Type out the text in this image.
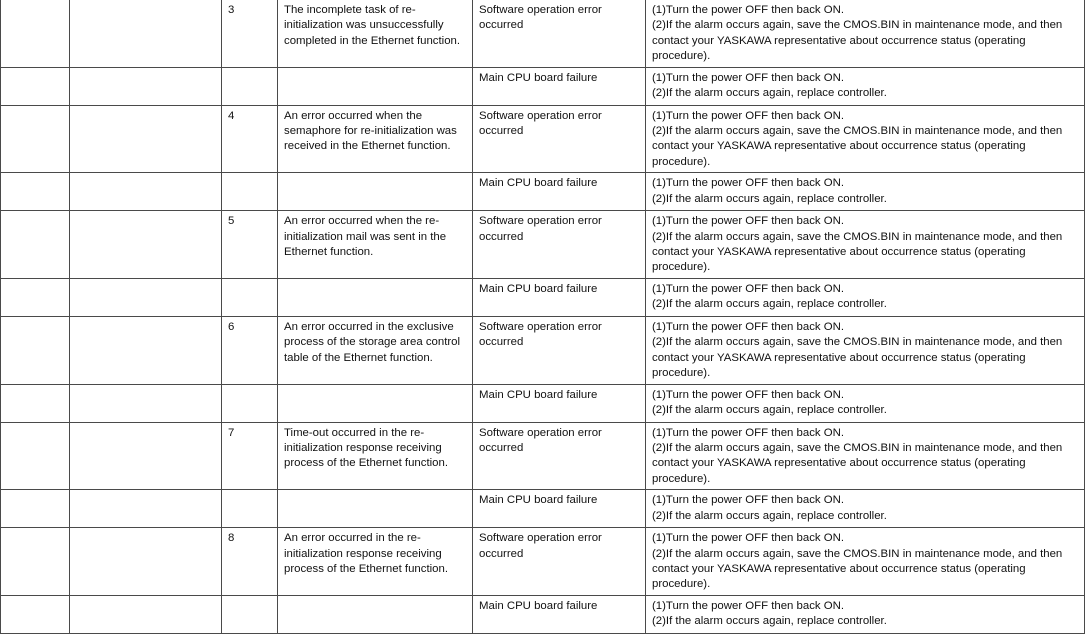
		3	The incomplete task of re-initialization was unsuccessfully completed in the Ethernet function.	Software operation error occurred	(1)Turn the power OFF then back ON.
(2)If the alarm occurs again, save the CMOS.BIN in maintenance mode, and then contact your YASKAWA representative about occurrence status (operating procedure).

				Main CPU board failure	(1)Turn the power OFF then back ON.
(2)If the alarm occurs again, replace controller.

		4	An error occurred when the semaphore for re-initialization was received in the Ethernet function.	Software operation error occurred	(1)Turn the power OFF then back ON.
(2)If the alarm occurs again, save the CMOS.BIN in maintenance mode, and then contact your YASKAWA representative about occurrence status (operating procedure).

				Main CPU board failure	(1)Turn the power OFF then back ON.
(2)If the alarm occurs again, replace controller.

		5	An error occurred when the re-initialization mail was sent in the Ethernet function.	Software operation error occurred	(1)Turn the power OFF then back ON.
(2)If the alarm occurs again, save the CMOS.BIN in maintenance mode, and then contact your YASKAWA representative about occurrence status (operating procedure).

				Main CPU board failure	(1)Turn the power OFF then back ON.
(2)If the alarm occurs again, replace controller.

		6	An error occurred in the exclusive process of the storage area control table of the Ethernet function.	Software operation error occurred	(1)Turn the power OFF then back ON.
(2)If the alarm occurs again, save the CMOS.BIN in maintenance mode, and then contact your YASKAWA representative about occurrence status (operating procedure).

				Main CPU board failure	(1)Turn the power OFF then back ON.
(2)If the alarm occurs again, replace controller.

		7	Time-out occurred in the re-initialization response receiving process of the Ethernet function.	Software operation error occurred	(1)Turn the power OFF then back ON.
(2)If the alarm occurs again, save the CMOS.BIN in maintenance mode, and then contact your YASKAWA representative about occurrence status (operating procedure).

				Main CPU board failure	(1)Turn the power OFF then back ON.
(2)If the alarm occurs again, replace controller.

		8	An error occurred in the re-initialization response receiving process of the Ethernet function.	Software operation error occurred	(1)Turn the power OFF then back ON.
(2)If the alarm occurs again, save the CMOS.BIN in maintenance mode, and then contact your YASKAWA representative about occurrence status (operating procedure).

				Main CPU board failure	(1)Turn the power OFF then back ON.
(2)If the alarm occurs again, replace controller.
